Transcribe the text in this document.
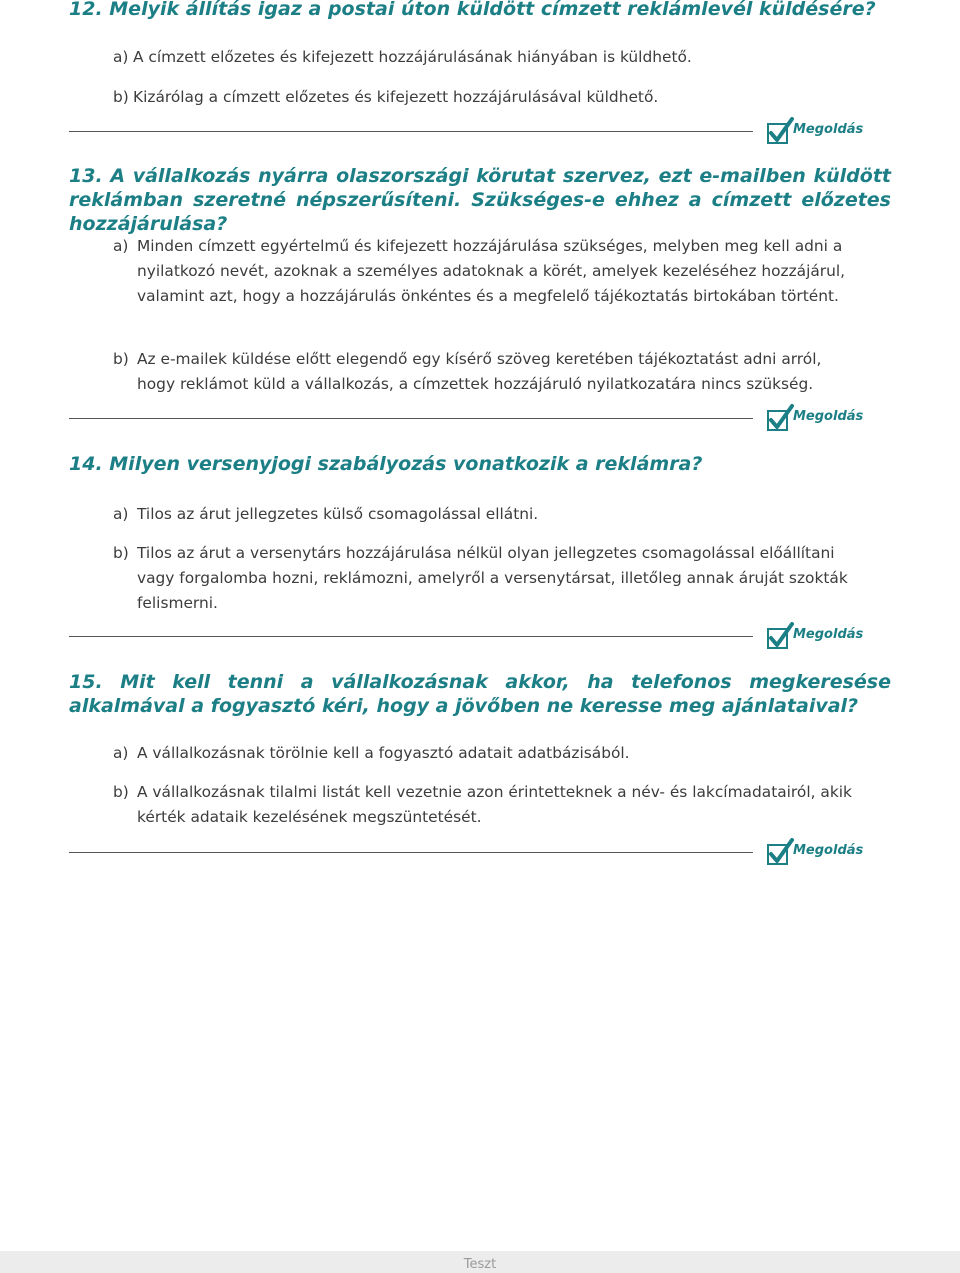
12. Melyik állítás igaz a postai úton küldött címzett reklámlevél küldésére?

a) A címzett előzetes és kifejezett hozzájárulásának hiányában is küldhető.

b) Kizárólag a címzett előzetes és kifejezett hozzájárulásával küldhető.

Megoldás
13. A vállalkozás nyárra olaszországi körutat szervez, ezt e-mailben küldött reklámban szeretné népszerűsíteni. Szükséges-e ehhez a címzett előzetes hozzájárulása?

a) Minden címzett egyértelmű és kifejezett hozzájárulása szükséges, melyben meg kell adni a nyilatkozó nevét, azoknak a személyes adatoknak a körét, amelyek kezeléséhez hozzájárul, valamint azt, hogy a hozzájárulás önkéntes és a megfelelő tájékoztatás birtokában történt.

b) Az e-mailek küldése előtt elegendő egy kísérő szöveg keretében tájékoztatást adni arról, hogy reklámot küld a vállalkozás, a címzettek hozzájáruló nyilatkozatára nincs szükség.

Megoldás
14. Milyen versenyjogi szabályozás vonatkozik a reklámra?

a) Tilos az árut jellegzetes külső csomagolással ellátni.

b) Tilos az árut a versenytárs hozzájárulása nélkül olyan jellegzetes csomagolással előállítani vagy forgalomba hozni, reklámozni, amelyről a versenytársat, illetőleg annak áruját szokták felismerni.

Megoldás
15. Mit kell tenni a vállalkozásnak akkor, ha telefonos megkeresése alkalmával a fogyasztó kéri, hogy a jövőben ne keresse meg ajánlataival?

a) A vállalkozásnak törölnie kell a fogyasztó adatait adatbázisából.

b) A vállalkozásnak tilalmi listát kell vezetnie azon érintetteknek a név- és lakcímadatairól, akik kérték adataik kezelésének megszüntetését.

Megoldás
Teszt
